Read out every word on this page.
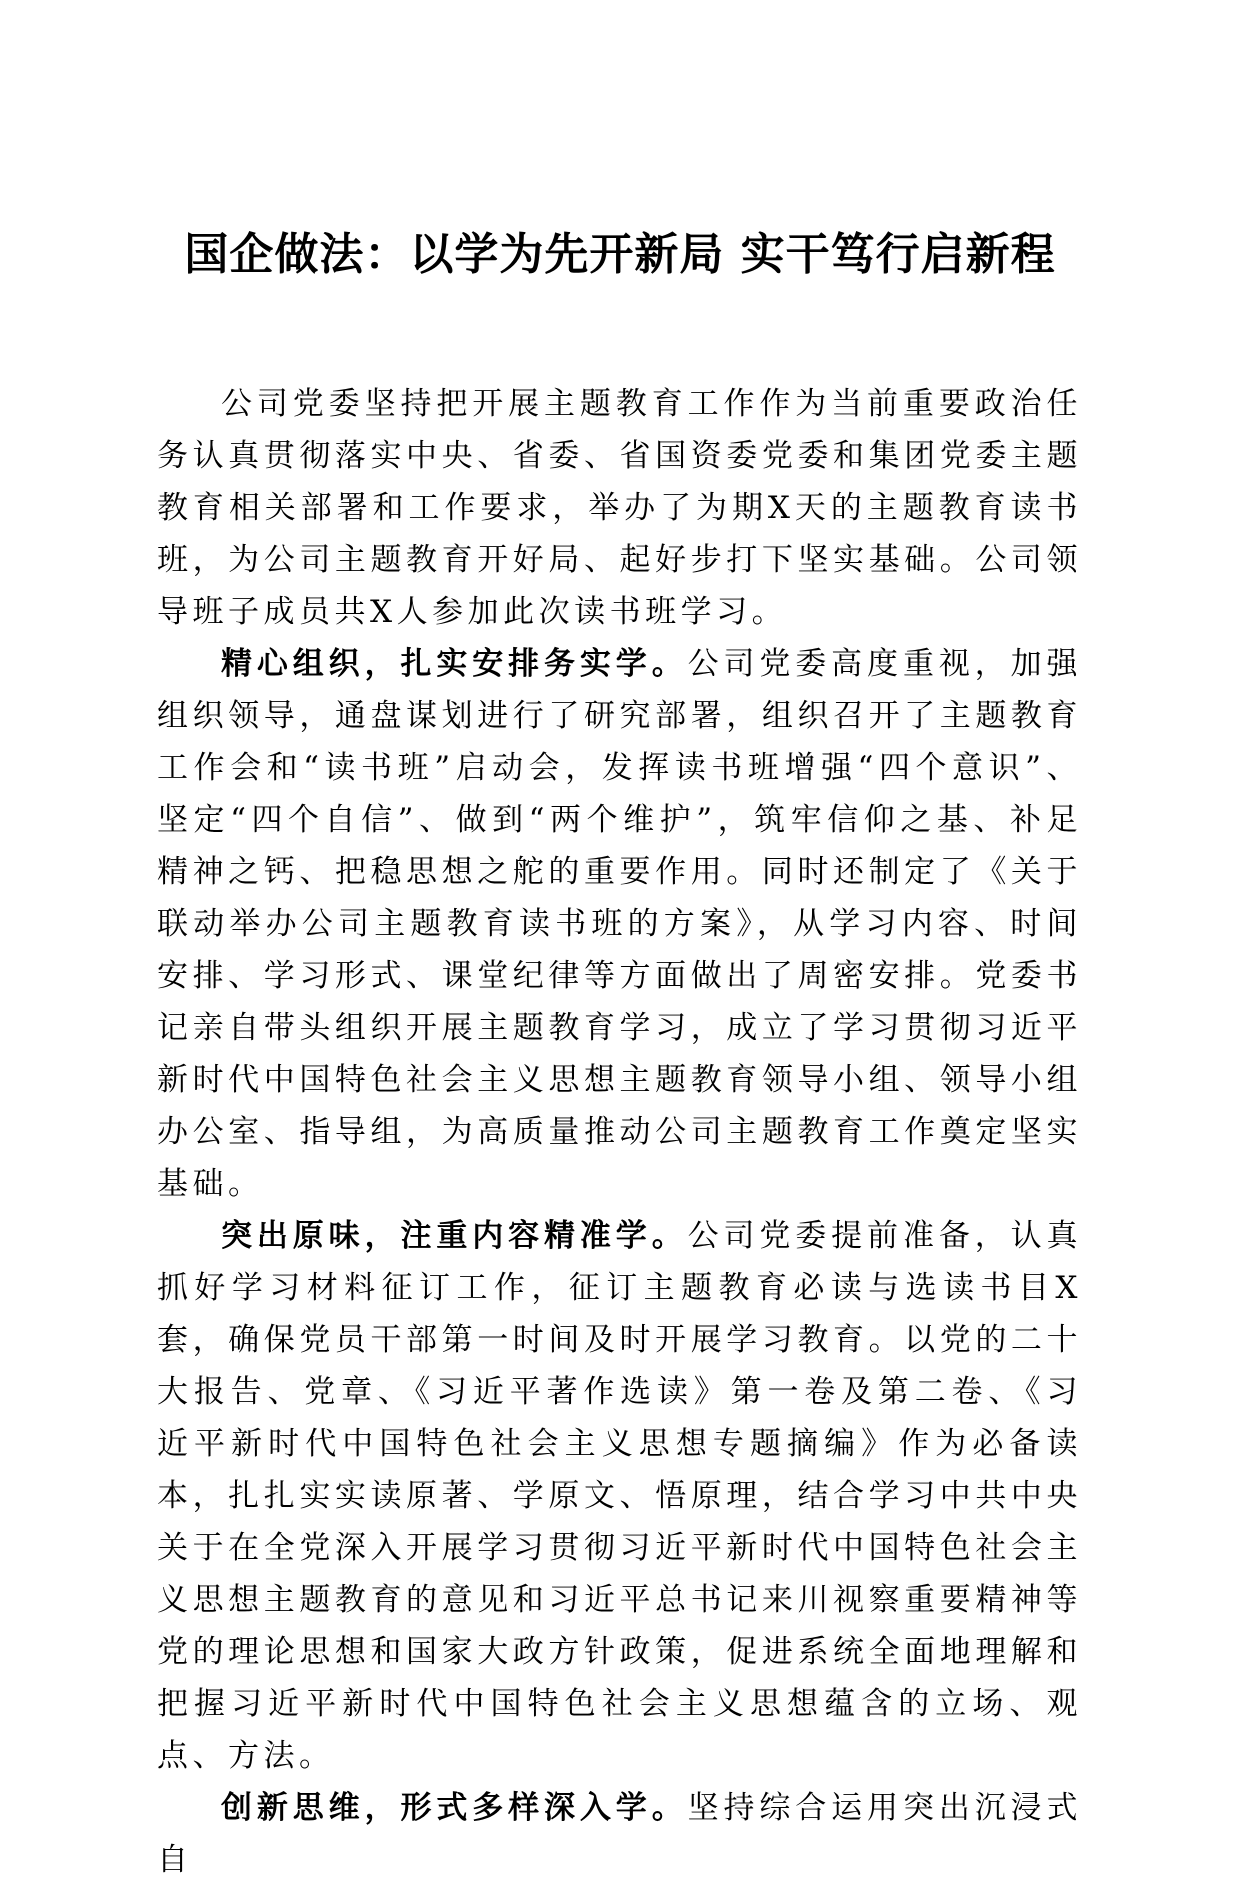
国企做法：以学为先开新局 实干笃行启新程

公司党委坚持把开展主题教育工作作为当前重要政治任务认真贯彻落实中央、省委、省国资委党委和集团党委主题教育相关部署和工作要求，举办了为期X天的主题教育读书班，为公司主题教育开好局、起好步打下坚实基础。公司领导班子成员共X人参加此次读书班学习。

精心组织，扎实安排务实学。公司党委高度重视，加强组织领导，通盘谋划进行了研究部署，组织召开了主题教育工作会和“读书班”启动会，发挥读书班增强“四个意识”、坚定“四个自信”、做到“两个维护”，筑牢信仰之基、补足精神之钙、把稳思想之舵的重要作用。同时还制定了《关于联动举办公司主题教育读书班的方案》，从学习内容、时间安排、学习形式、课堂纪律等方面做出了周密安排。党委书记亲自带头组织开展主题教育学习，成立了学习贯彻习近平新时代中国特色社会主义思想主题教育领导小组、领导小组办公室、指导组，为高质量推动公司主题教育工作奠定坚实基础。

突出原味，注重内容精准学。公司党委提前准备，认真抓好学习材料征订工作，征订主题教育必读与选读书目X套，确保党员干部第一时间及时开展学习教育。以党的二十大报告、党章、《习近平著作选读》第一卷及第二卷、《习近平新时代中国特色社会主义思想专题摘编》作为必备读本，扎扎实实读原著、学原文、悟原理，结合学习中共中央关于在全党深入开展学习贯彻习近平新时代中国特色社会主义思想主题教育的意见和习近平总书记来川视察重要精神等党的理论思想和国家大政方针政策，促进系统全面地理解和把握习近平新时代中国特色社会主义思想蕴含的立场、观点、方法。

创新思维，形式多样深入学。坚持综合运用突出沉浸式自
